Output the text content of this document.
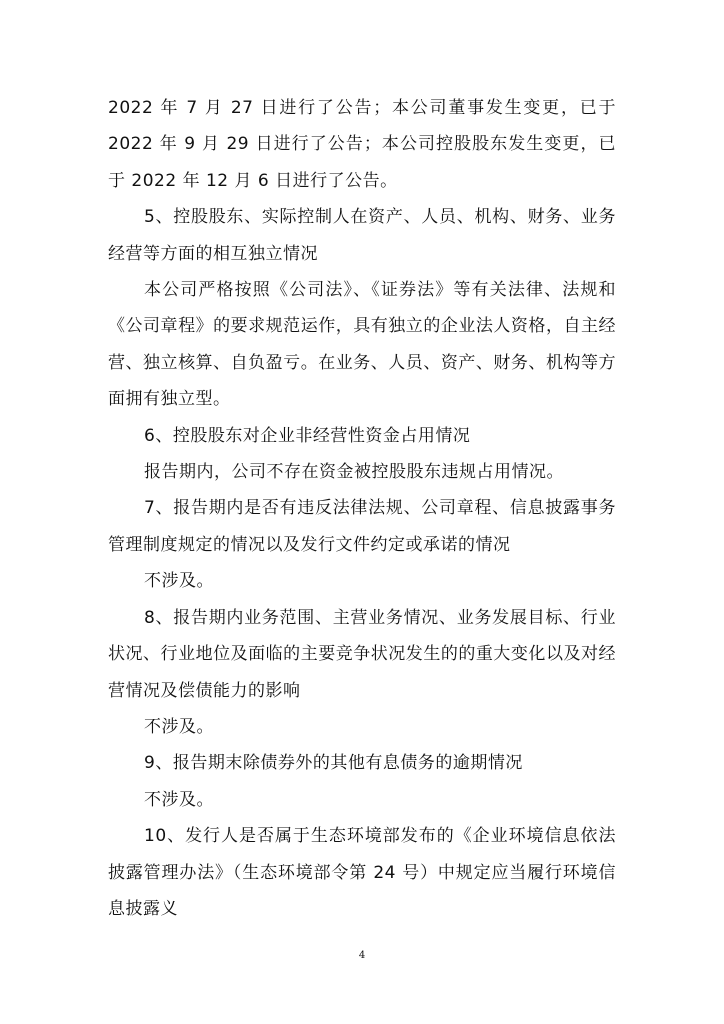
2022 年 7 月 27 日进行了公告；本公司董事发生变更，已于 2022 年 9 月 29 日进行了公告；本公司控股股东发生变更，已于 2022 年 12 月 6 日进行了公告。

5、控股股东、实际控制人在资产、人员、机构、财务、业务经营等方面的相互独立情况

本公司严格按照《公司法》、《证券法》等有关法律、法规和《公司章程》的要求规范运作，具有独立的企业法人资格，自主经营、独立核算、自负盈亏。在业务、人员、资产、财务、机构等方面拥有独立型。

6、控股股东对企业非经营性资金占用情况

报告期内，公司不存在资金被控股股东违规占用情况。

7、报告期内是否有违反法律法规、公司章程、信息披露事务管理制度规定的情况以及发行文件约定或承诺的情况

不涉及。

8、报告期内业务范围、主营业务情况、业务发展目标、行业状况、行业地位及面临的主要竞争状况发生的的重大变化以及对经营情况及偿债能力的影响

不涉及。

9、报告期末除债券外的其他有息债务的逾期情况

不涉及。

10、发行人是否属于生态环境部发布的《企业环境信息依法披露管理办法》（生态环境部令第 24 号）中规定应当履行环境信息披露义

4
